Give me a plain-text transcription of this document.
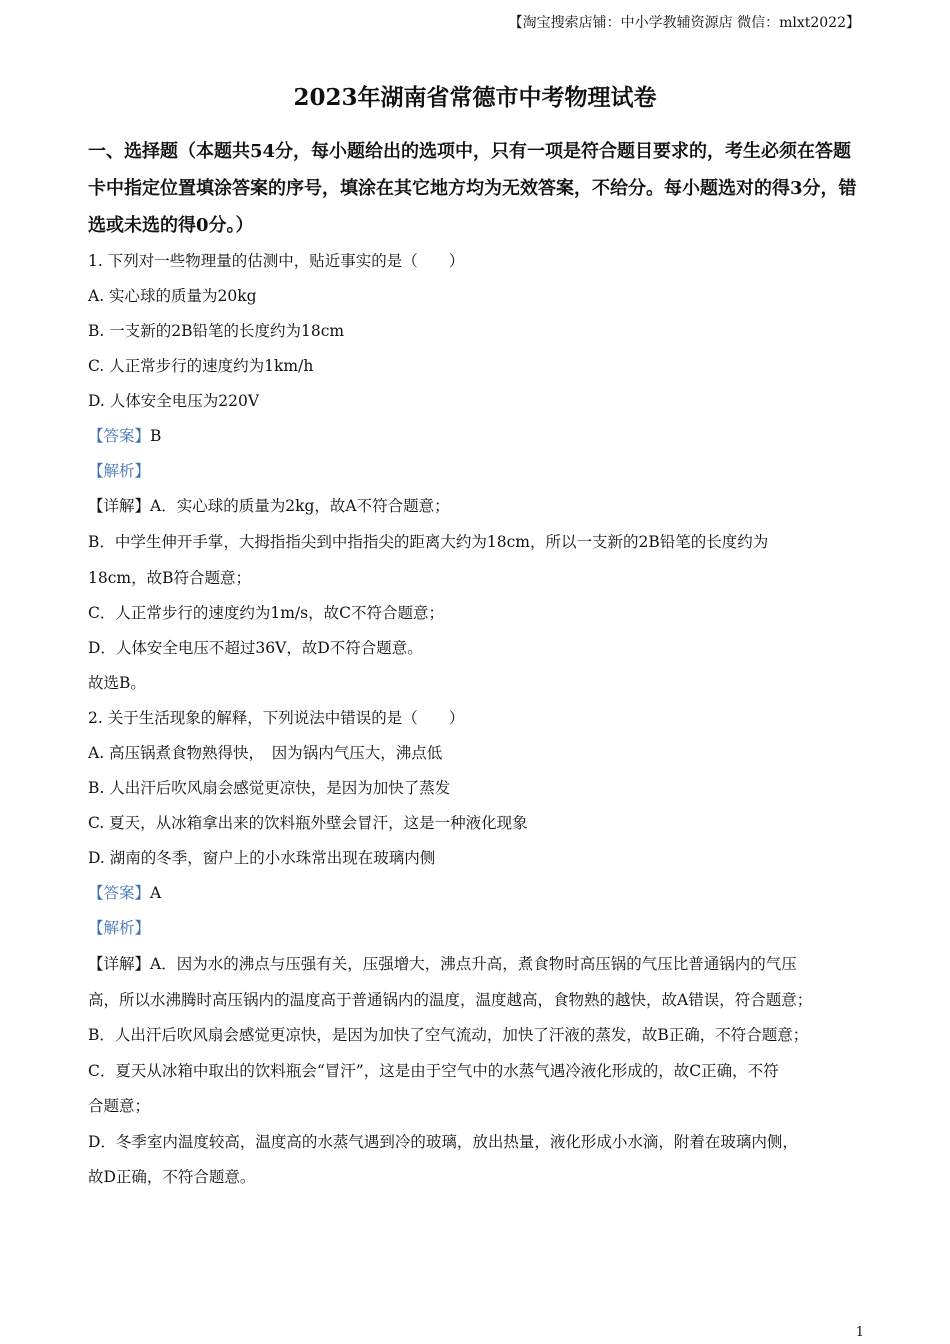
【淘宝搜索店铺：中小学教辅资源店 微信：mlxt2022】
2023年湖南省常德市中考物理试卷
一、选择题（本题共54分，每小题给出的选项中，只有一项是符合题目要求的，考生必须在答题卡中指定位置填涂答案的序号，填涂在其它地方均为无效答案，不给分。每小题选对的得3分，错选或未选的得0分。）
1. 下列对一些物理量的估测中，贴近事实的是（　　）
A. 实心球的质量为20kg
B. 一支新的2B铅笔的长度约为18cm
C. 人正常步行的速度约为1km/h
D. 人体安全电压为220V
【答案】B
【解析】
【详解】A．实心球的质量为2kg，故A不符合题意；
B．中学生伸开手掌，大拇指指尖到中指指尖的距离大约为18cm，所以一支新的2B铅笔的长度约为
18cm，故B符合题意；
C．人正常步行的速度约为1m/s，故C不符合题意；
D．人体安全电压不超过36V，故D不符合题意。
故选B。
2. 关于生活现象的解释，下列说法中错误的是（　　）
A. 高压锅煮食物熟得快，　因为锅内气压大，沸点低
B. 人出汗后吹风扇会感觉更凉快，是因为加快了蒸发
C. 夏天，从冰箱拿出来的饮料瓶外壁会冒汗，这是一种液化现象
D. 湖南的冬季，窗户上的小水珠常出现在玻璃内侧
【答案】A
【解析】
【详解】A．因为水的沸点与压强有关，压强增大，沸点升高，煮食物时高压锅的气压比普通锅内的气压
高，所以水沸腾时高压锅内的温度高于普通锅内的温度，温度越高，食物熟的越快，故A错误，符合题意；
B．人出汗后吹风扇会感觉更凉快，是因为加快了空气流动，加快了汗液的蒸发，故B正确，不符合题意；
C．夏天从冰箱中取出的饮料瓶会“冒汗”，这是由于空气中的水蒸气遇冷液化形成的，故C正确，不符
合题意；
D．冬季室内温度较高，温度高的水蒸气遇到冷的玻璃，放出热量，液化形成小水滴，附着在玻璃内侧，
故D正确，不符合题意。
1
